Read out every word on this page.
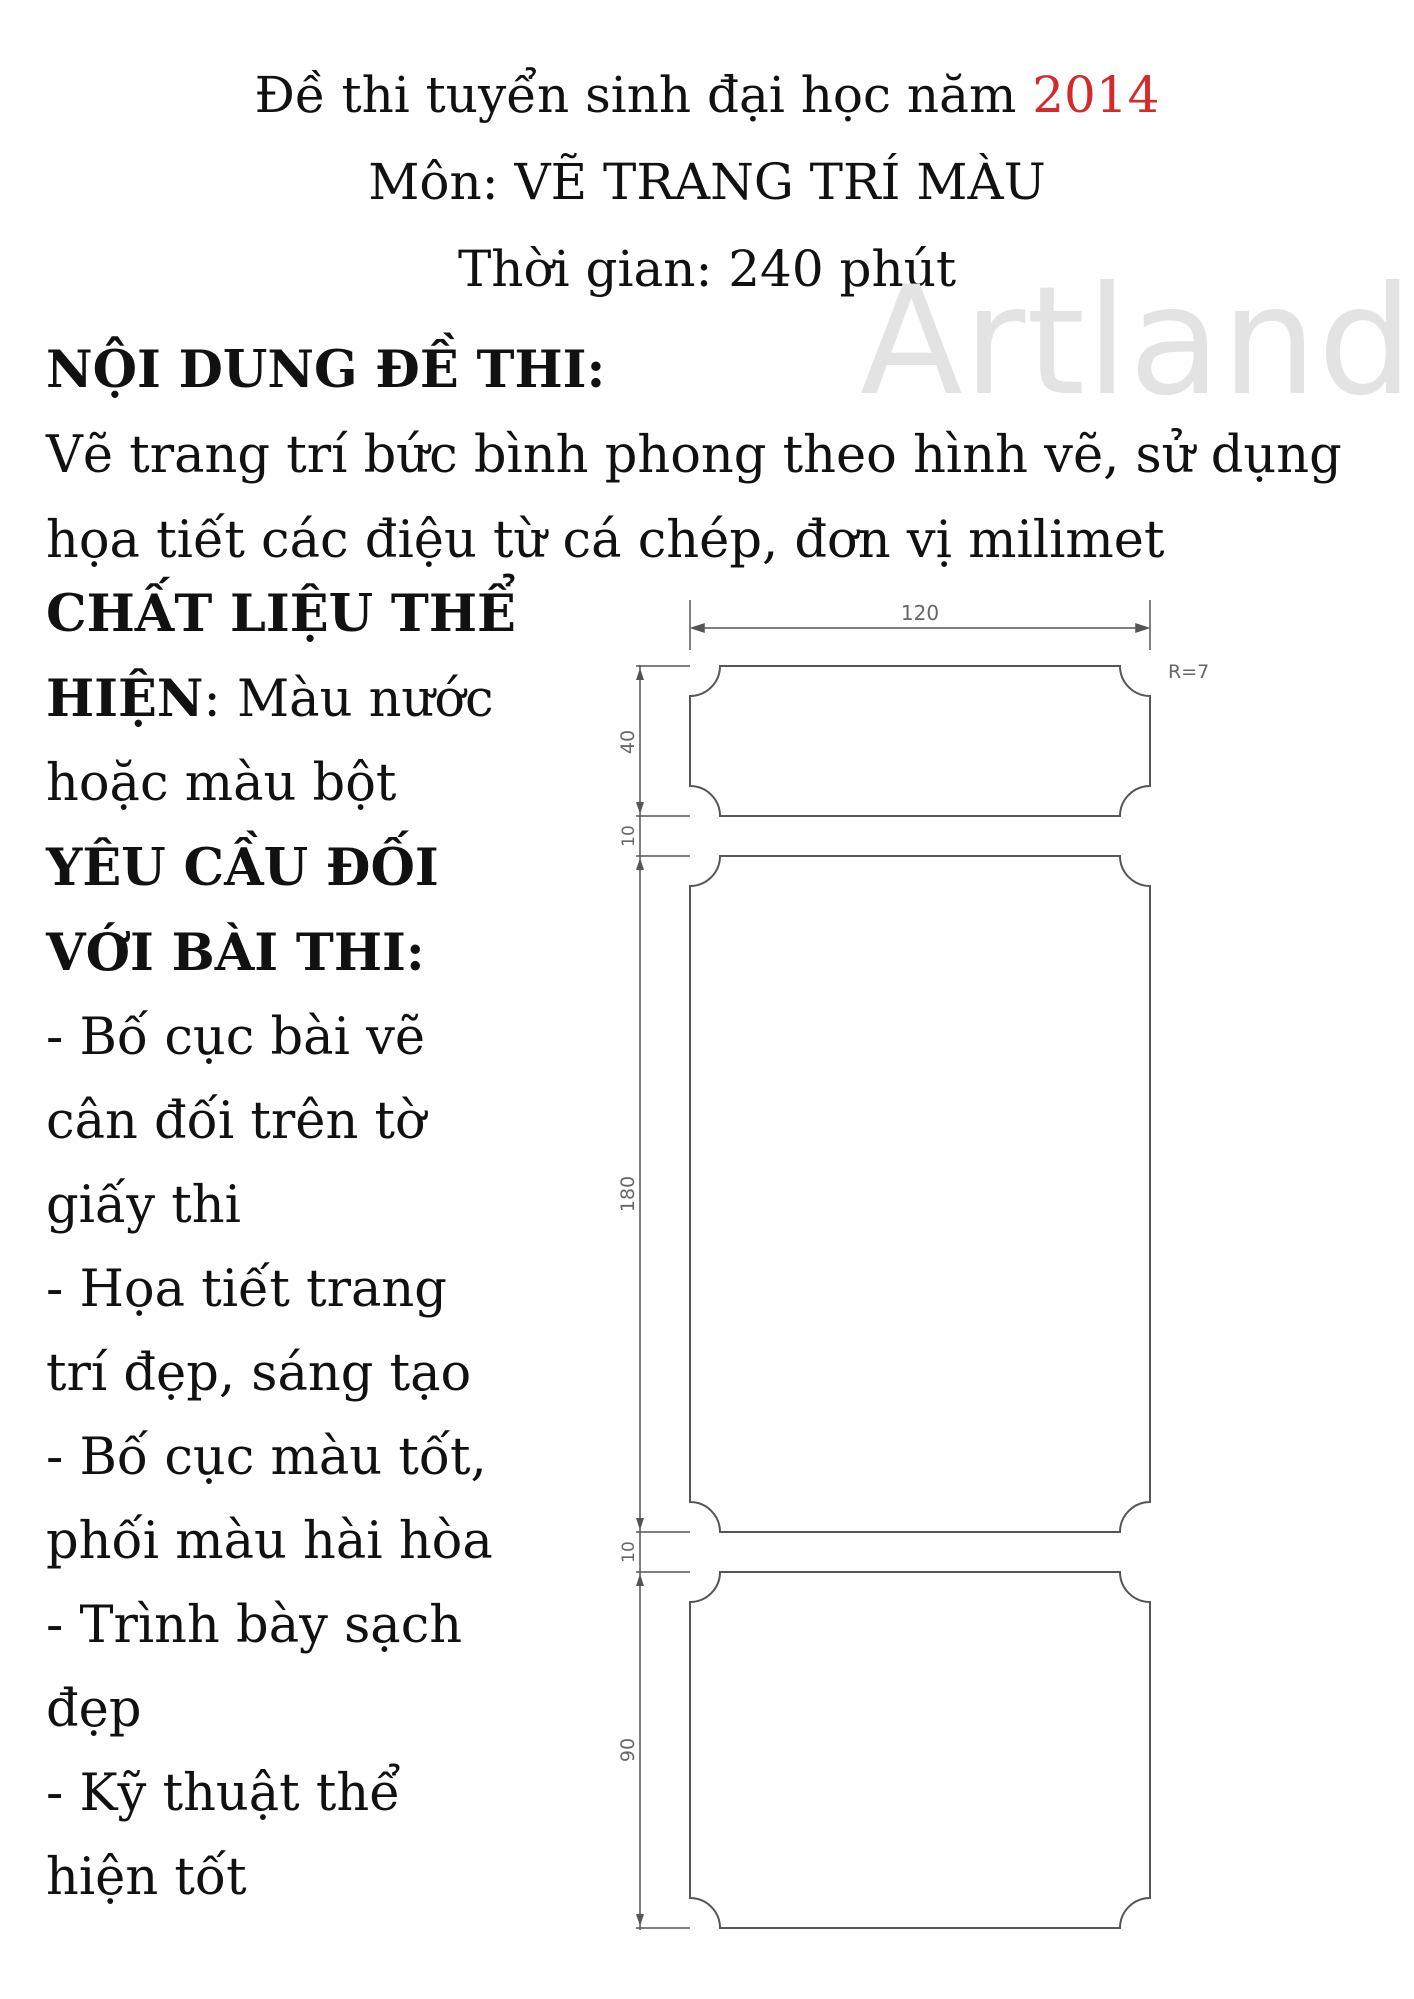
Đề thi tuyển sinh đại học năm 2014
Môn: VẼ TRANG TRÍ MÀU
Thời gian: 240 phút
Artland
NỘI DUNG ĐỀ THI:
Vẽ trang trí bức bình phong theo hình vẽ, sử dụng
họa tiết các điệu từ cá chép, đơn vị milimet
CHẤT LIỆU THỂ
HIỆN: Màu nước
hoặc màu bột
YÊU CẦU ĐỐI
VỚI BÀI THI:
- Bố cục bài vẽ
cân đối trên tờ
giấy thi
- Họa tiết trang
trí đẹp, sáng tạo
- Bố cục màu tốt,
phối màu hài hòa
- Trình bày sạch
đẹp
- Kỹ thuật thể
hiện tốt
120
R=7
40
10
180
10
90
